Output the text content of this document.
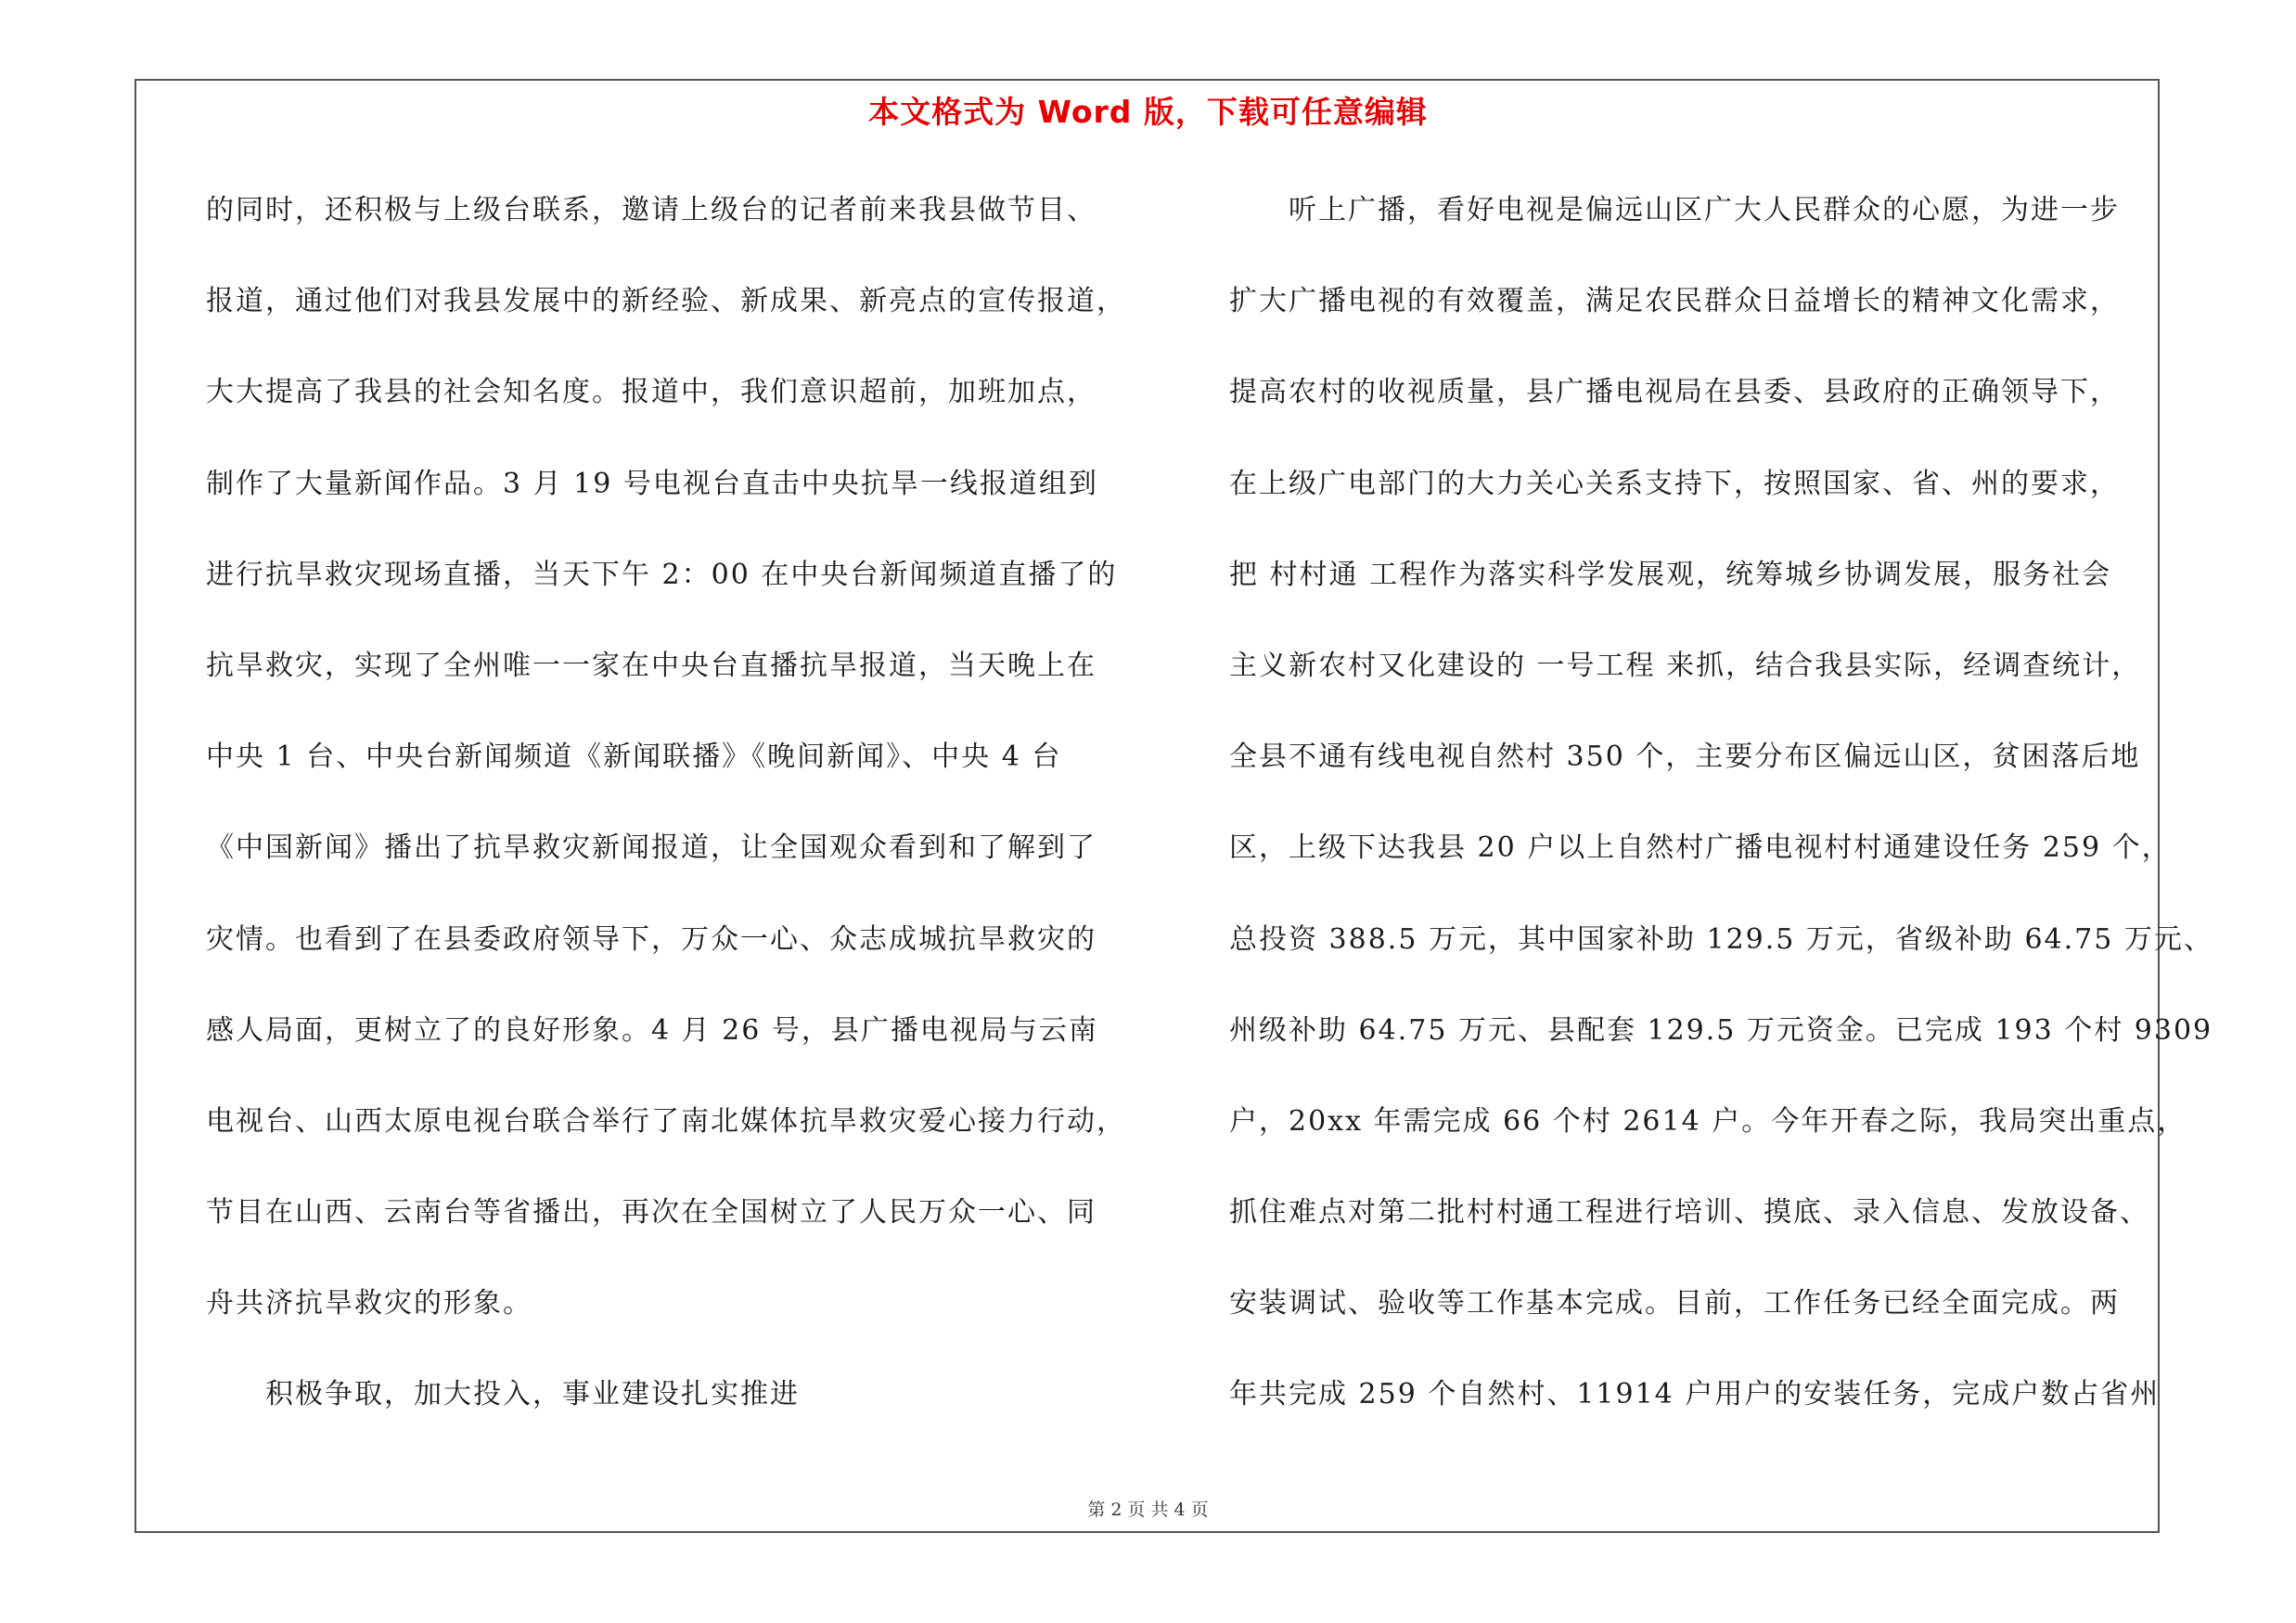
本文格式为 Word 版，下载可任意编辑
的同时，还积极与上级台联系，邀请上级台的记者前来我县做节目、
报道，通过他们对我县发展中的新经验、新成果、新亮点的宣传报道，
大大提高了我县的社会知名度。报道中，我们意识超前，加班加点，
制作了大量新闻作品。3 月 19 号电视台直击中央抗旱一线报道组到
进行抗旱救灾现场直播，当天下午 2：00 在中央台新闻频道直播了的
抗旱救灾，实现了全州唯一一家在中央台直播抗旱报道，当天晚上在
中央 1 台、中央台新闻频道《新闻联播》《晚间新闻》、中央 4 台
《中国新闻》播出了抗旱救灾新闻报道，让全国观众看到和了解到了
灾情。也看到了在县委政府领导下，万众一心、众志成城抗旱救灾的
感人局面，更树立了的良好形象。4 月 26 号，县广播电视局与云南
电视台、山西太原电视台联合举行了南北媒体抗旱救灾爱心接力行动，
节目在山西、云南台等省播出，再次在全国树立了人民万众一心、同
舟共济抗旱救灾的形象。
积极争取，加大投入，事业建设扎实推进
听上广播，看好电视是偏远山区广大人民群众的心愿，为进一步
扩大广播电视的有效覆盖，满足农民群众日益增长的精神文化需求，
提高农村的收视质量，县广播电视局在县委、县政府的正确领导下，
在上级广电部门的大力关心关系支持下，按照国家、省、州的要求，
把 村村通 工程作为落实科学发展观，统筹城乡协调发展，服务社会
主义新农村又化建设的 一号工程 来抓，结合我县实际，经调查统计，
全县不通有线电视自然村 350 个，主要分布区偏远山区，贫困落后地
区，上级下达我县 20 户以上自然村广播电视村村通建设任务 259 个，
总投资 388.5 万元，其中国家补助 129.5 万元，省级补助 64.75 万元、
州级补助 64.75 万元、县配套 129.5 万元资金。已完成 193 个村 9309
户，20xx 年需完成 66 个村 2614 户。今年开春之际，我局突出重点，
抓住难点对第二批村村通工程进行培训、摸底、录入信息、发放设备、
安装调试、验收等工作基本完成。目前，工作任务已经全面完成。两
年共完成 259 个自然村、11914 户用户的安装任务，完成户数占省州
第 2 页 共 4 页
